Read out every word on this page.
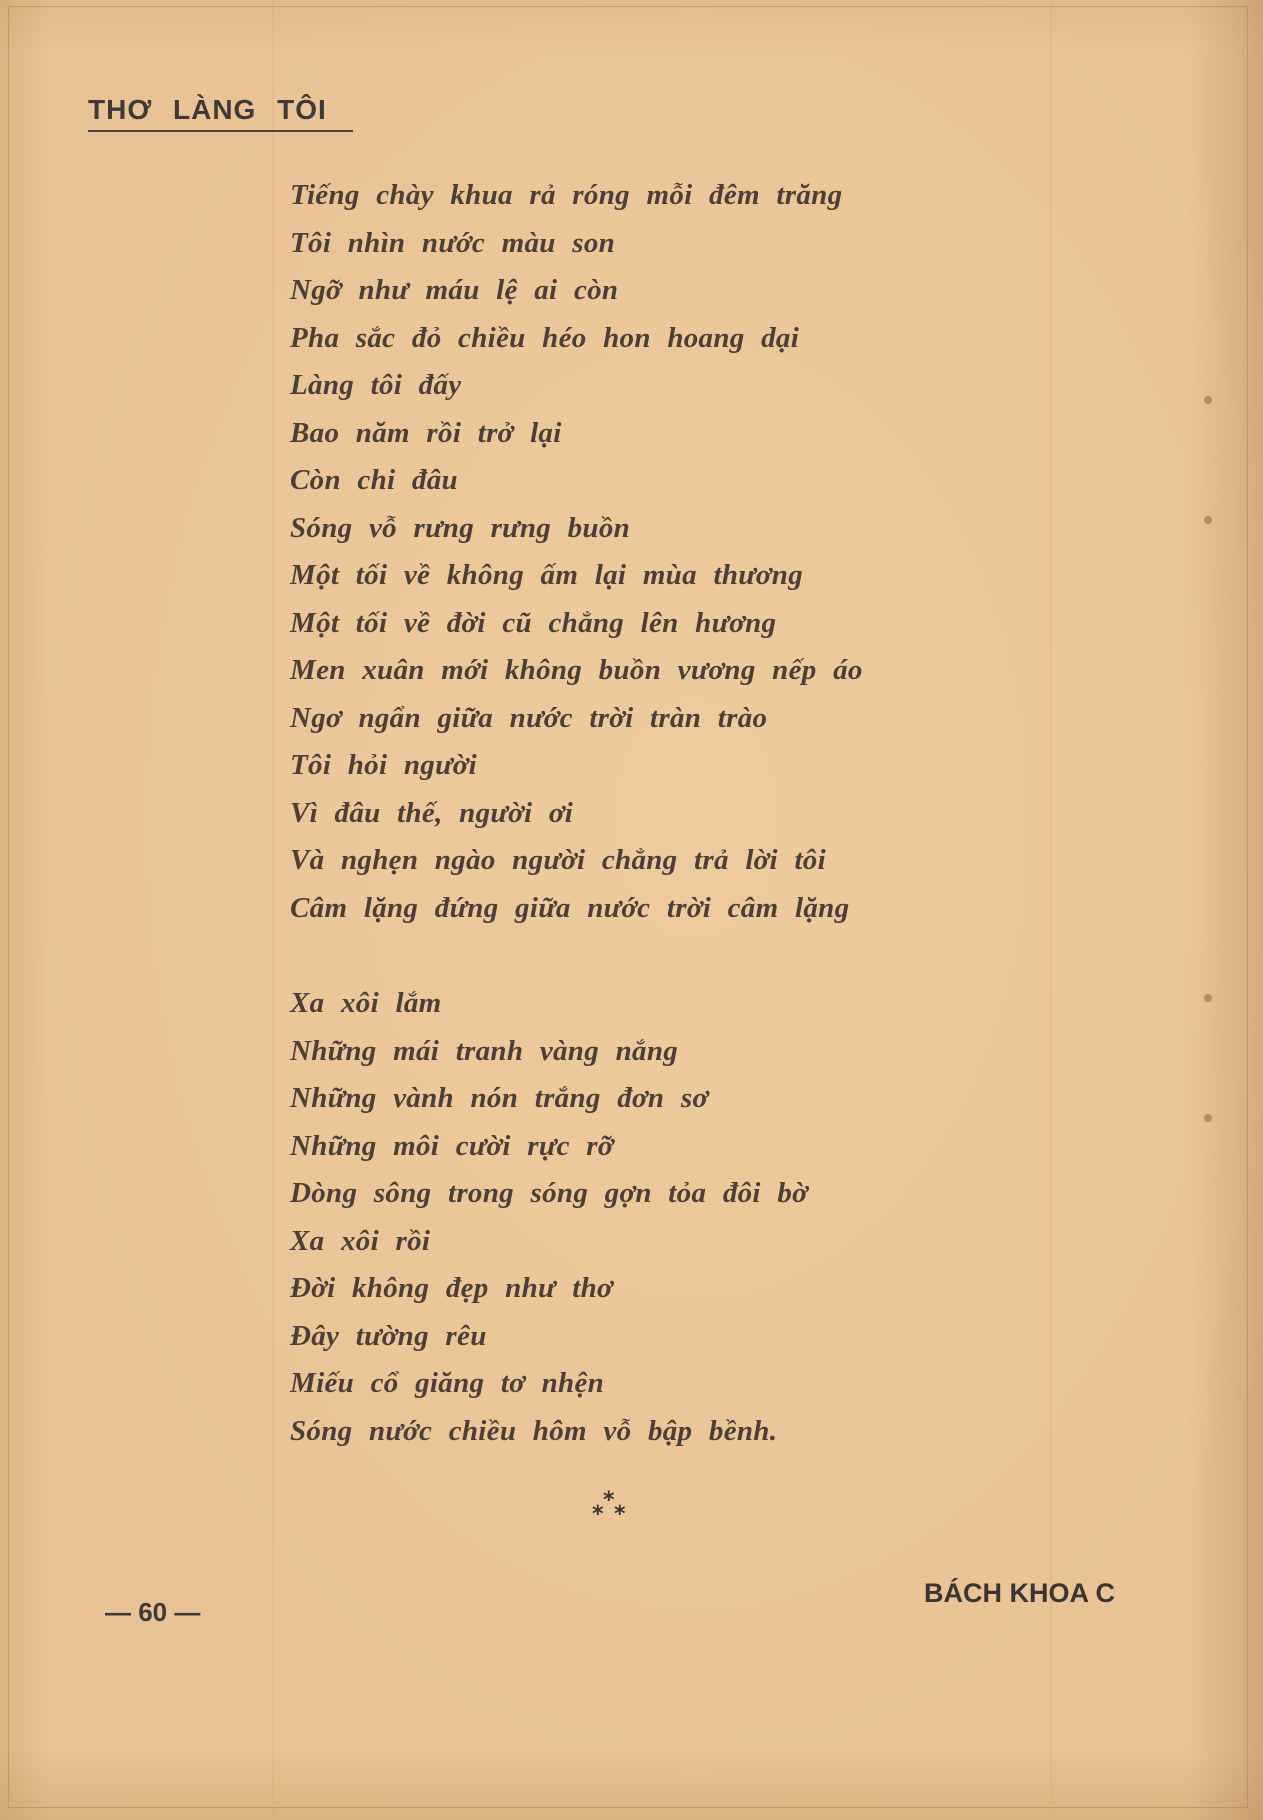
THƠ LÀNG TÔI
Tiếng chày khua rả róng mỗi đêm trăng
Tôi nhìn nước màu son
Ngỡ như máu lệ ai còn
Pha sắc đỏ chiều héo hon hoang dại
Làng tôi đấy
Bao năm rồi trở lại
Còn chi đâu
Sóng vỗ rưng rưng buồn
Một tối về không ấm lại mùa thương
Một tối về đời cũ chẳng lên hương
Men xuân mới không buồn vương nếp áo
Ngơ ngẩn giữa nước trời tràn trào
Tôi hỏi người
Vì đâu thế, người ơi
Và nghẹn ngào người chẳng trả lời tôi
Câm lặng đứng giữa nước trời câm lặng
Xa xôi lắm
Những mái tranh vàng nắng
Những vành nón trắng đơn sơ
Những môi cười rực rỡ
Dòng sông trong sóng gợn tỏa đôi bờ
Xa xôi rồi
Đời không đẹp như thơ
Đây tường rêu
Miếu cổ giăng tơ nhện
Sóng nước chiều hôm vỗ bập bềnh.
*
* *
— 60 —
BÁCH KHOA C
